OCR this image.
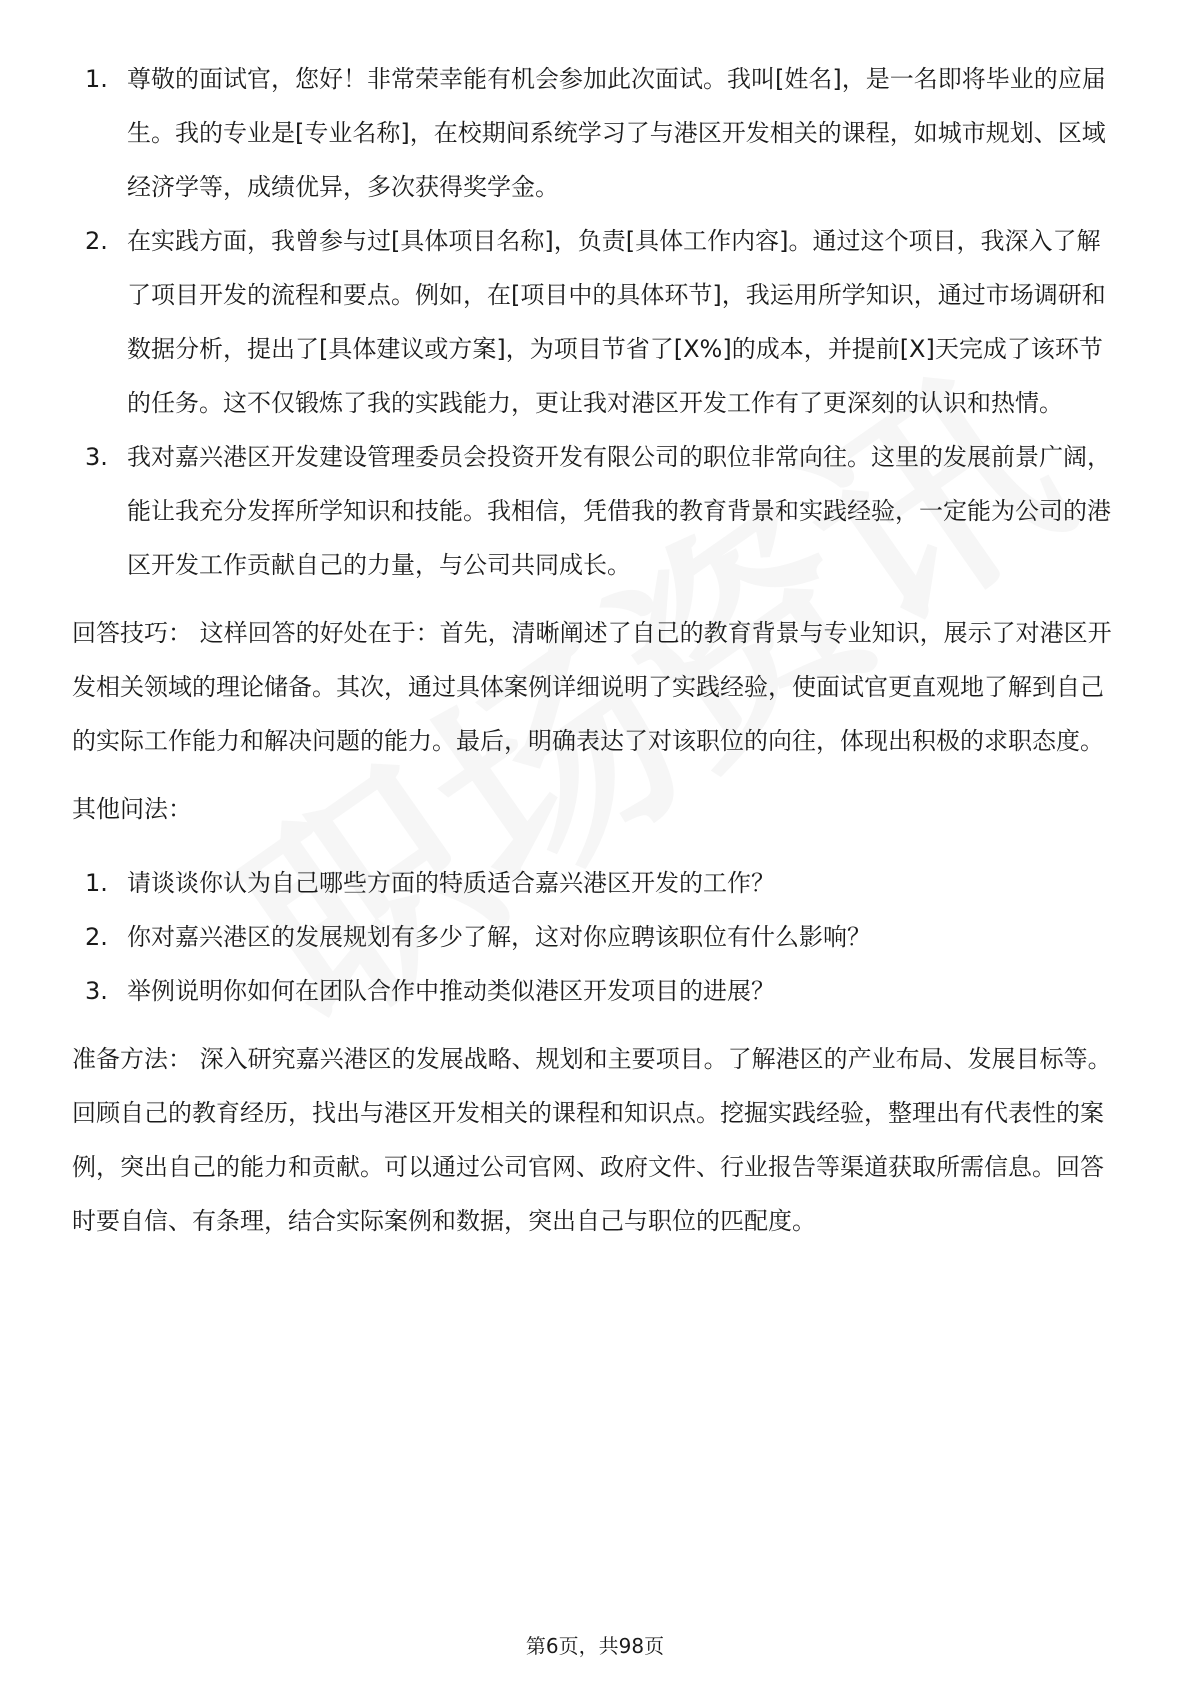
1. 尊敬的面试官，您好！非常荣幸能有机会参加此次面试。我叫[姓名]，是一名即将毕业的应届生。我的专业是[专业名称]，在校期间系统学习了与港区开发相关的课程，如城市规划、区域经济学等，成绩优异，多次获得奖学金。
2. 在实践方面，我曾参与过[具体项目名称]，负责[具体工作内容]。通过这个项目，我深入了解了项目开发的流程和要点。例如，在[项目中的具体环节]，我运用所学知识，通过市场调研和数据分析，提出了[具体建议或方案]，为项目节省了[X%]的成本，并提前[X]天完成了该环节的任务。这不仅锻炼了我的实践能力，更让我对港区开发工作有了更深刻的认识和热情。
3. 我对嘉兴港区开发建设管理委员会投资开发有限公司的职位非常向往。这里的发展前景广阔，能让我充分发挥所学知识和技能。我相信，凭借我的教育背景和实践经验，一定能为公司的港区开发工作贡献自己的力量，与公司共同成长。

回答技巧： 这样回答的好处在于：首先，清晰阐述了自己的教育背景与专业知识，展示了对港区开发相关领域的理论储备。其次，通过具体案例详细说明了实践经验，使面试官更直观地了解到自己的实际工作能力和解决问题的能力。最后，明确表达了对该职位的向往，体现出积极的求职态度。

其他问法：

1. 请谈谈你认为自己哪些方面的特质适合嘉兴港区开发的工作？
2. 你对嘉兴港区的发展规划有多少了解，这对你应聘该职位有什么影响？
3. 举例说明你如何在团队合作中推动类似港区开发项目的进展？

准备方法： 深入研究嘉兴港区的发展战略、规划和主要项目。了解港区的产业布局、发展目标等。回顾自己的教育经历，找出与港区开发相关的课程和知识点。挖掘实践经验，整理出有代表性的案例，突出自己的能力和贡献。可以通过公司官网、政府文件、行业报告等渠道获取所需信息。回答时要自信、有条理，结合实际案例和数据，突出自己与职位的匹配度。

第6页，共98页
